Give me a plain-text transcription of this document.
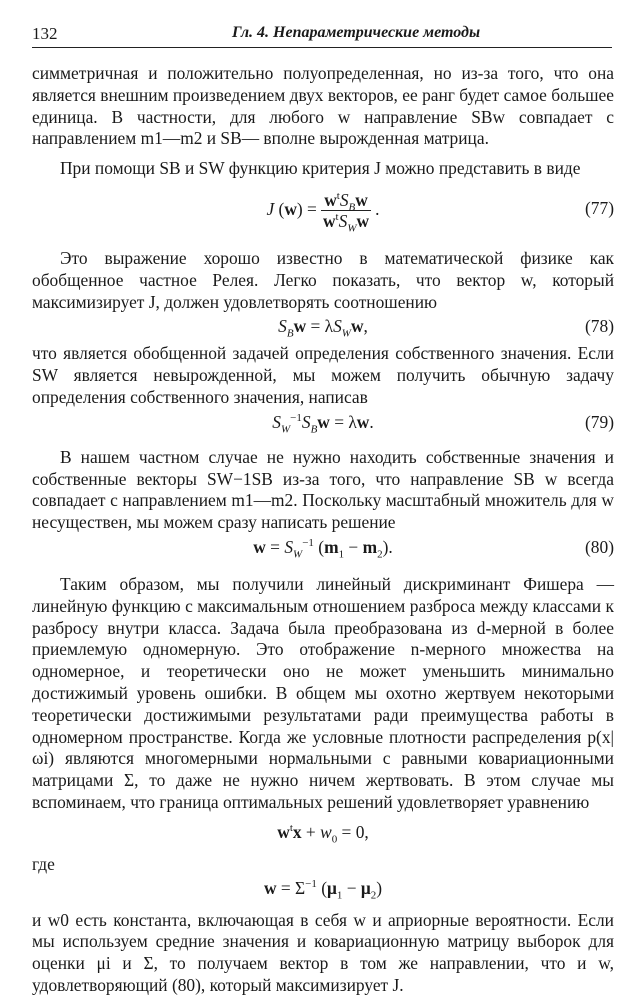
132	Гл. 4. Непараметрические методы

симметричная и положительно полуопределенная, но из-за того, что она является внешним произведением двух векторов, ее ранг будет самое большее единица. В частности, для любого w направление SBw совпадает с направлением m1—m2 и SB— вполне вырожденная матрица.

При помощи SB и SW функцию критерия J можно представить в виде

J $(w) = w^tS_Bw$
$w^tS_Ww$
.	(77)

Это выражение хорошо известно в математической физике как обобщенное частное Релея. Легко показать, что вектор w, который максимизирует J, должен удовлетворять соотношению

$S_Bw = \lambda S_Ww$,	(78)

что является обобщенной задачей определения собственного значения. Если SW является невырожденной, мы можем получить обычную задачу определения собственного значения, написав

$S_W^{-1}S_Bw = \lambda w$.	(79)

В нашем частном случае не нужно находить собственные значения и собственные векторы SW−1SB из-за того, что направление SB w всегда совпадает с направлением m1—m2. Поскольку масштабный множитель для w несуществен, мы можем сразу написать решение

$w = S_W^{-1}$ $(m_1 - m_2)$.	(80)

Таким образом, мы получили линейный дискриминант Фишера — линейную функцию с максимальным отношением разброса между классами к разбросу внутри класса. Задача была преобразована из d-мерной в более приемлемую одномерную. Это отображение n-мерного множества на одномерное, и теоретически оно не может уменьшить минимально достижимый уровень ошибки. В общем мы охотно жертвуем некоторыми теоретически достижимыми результатами ради преимущества работы в одномерном пространстве. Когда же условные плотности распределения p(x|ωi) являются многомерными нормальными с равными ковариационными матрицами Σ, то даже не нужно ничем жертвовать. В этом случае мы вспоминаем, что граница оптимальных решений удовлетворяет уравнению

$w^tx + w_0 = 0$,

где

$w = \Sigma^{-1}$ $(\mu_1 - \mu_2)$

и w0 есть константа, включающая в себя w и априорные вероятности. Если мы используем средние значения и ковариационную матрицу выборок для оценки μi и Σ, то получаем вектор в том же направлении, что и w, удовлетворяющий (80), который максимизирует J.
